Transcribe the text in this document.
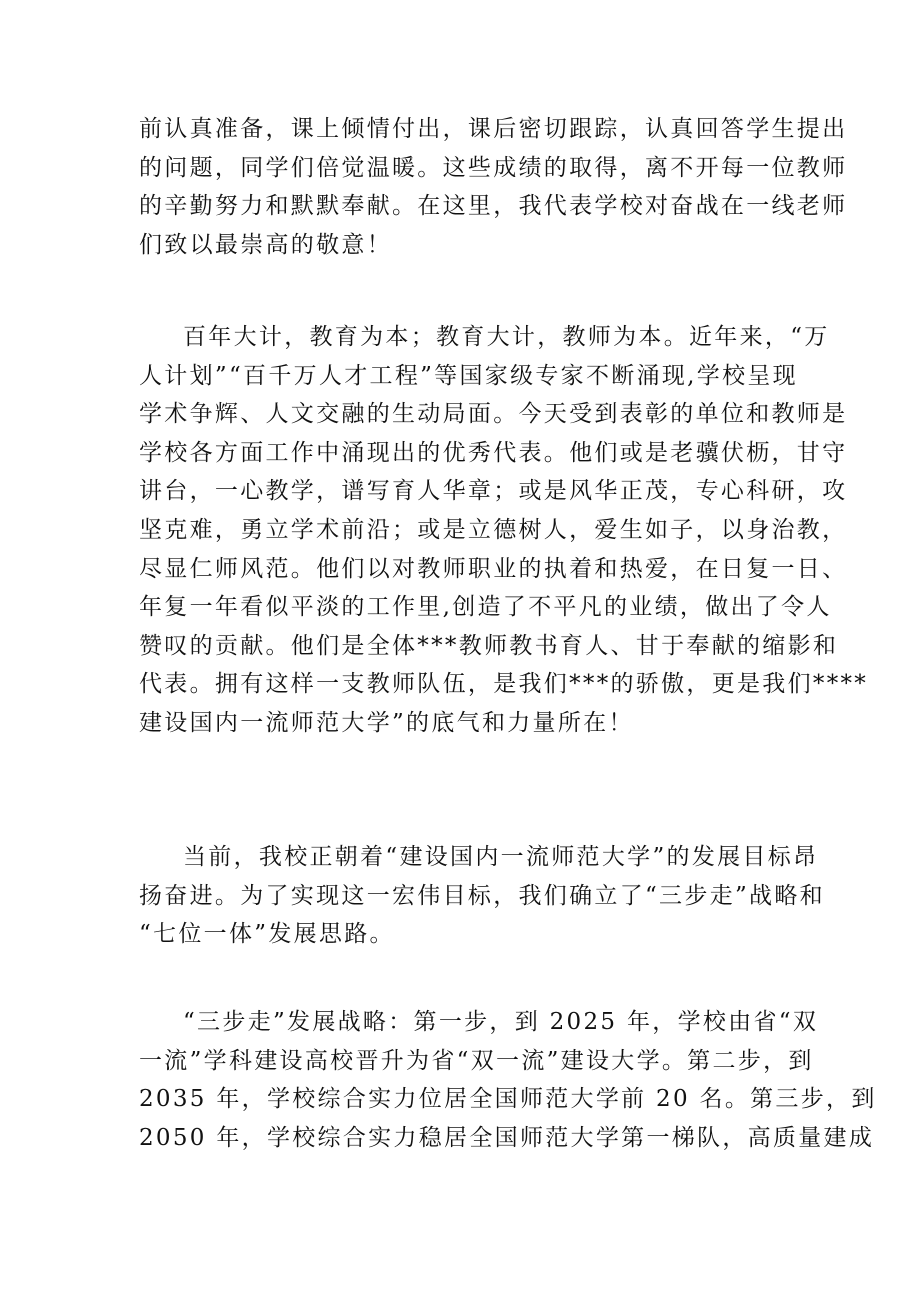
前认真准备，课上倾情付出，课后密切跟踪，认真回答学生提出
的问题，同学们倍觉温暖。这些成绩的取得，离不开每一位教师
的辛勤努力和默默奉献。在这里，我代表学校对奋战在一线老师
们致以最崇高的敬意！
百年大计，教育为本；教育大计，教师为本。近年来，“万
人计划”“百千万人才工程”等国家级专家不断涌现,学校呈现
学术争辉、人文交融的生动局面。今天受到表彰的单位和教师是
学校各方面工作中涌现出的优秀代表。他们或是老骥伏枥，甘守
讲台，一心教学，谱写育人华章；或是风华正茂，专心科研，攻
坚克难，勇立学术前沿；或是立德树人，爱生如子，以身治教，
尽显仁师风范。他们以对教师职业的执着和热爱，在日复一日、
年复一年看似平淡的工作里,创造了不平凡的业绩，做出了令人
赞叹的贡献。他们是全体***教师教书育人、甘于奉献的缩影和
代表。拥有这样一支教师队伍，是我们***的骄傲，更是我们****
建设国内一流师范大学”的底气和力量所在！
当前，我校正朝着“建设国内一流师范大学”的发展目标昂
扬奋进。为了实现这一宏伟目标，我们确立了“三步走”战略和
“七位一体”发展思路。
“三步走”发展战略：第一步，到 2025 年，学校由省“双
一流”学科建设高校晋升为省“双一流”建设大学。第二步，到
2035 年，学校综合实力位居全国师范大学前 20 名。第三步，到
2050 年，学校综合实力稳居全国师范大学第一梯队，高质量建成
